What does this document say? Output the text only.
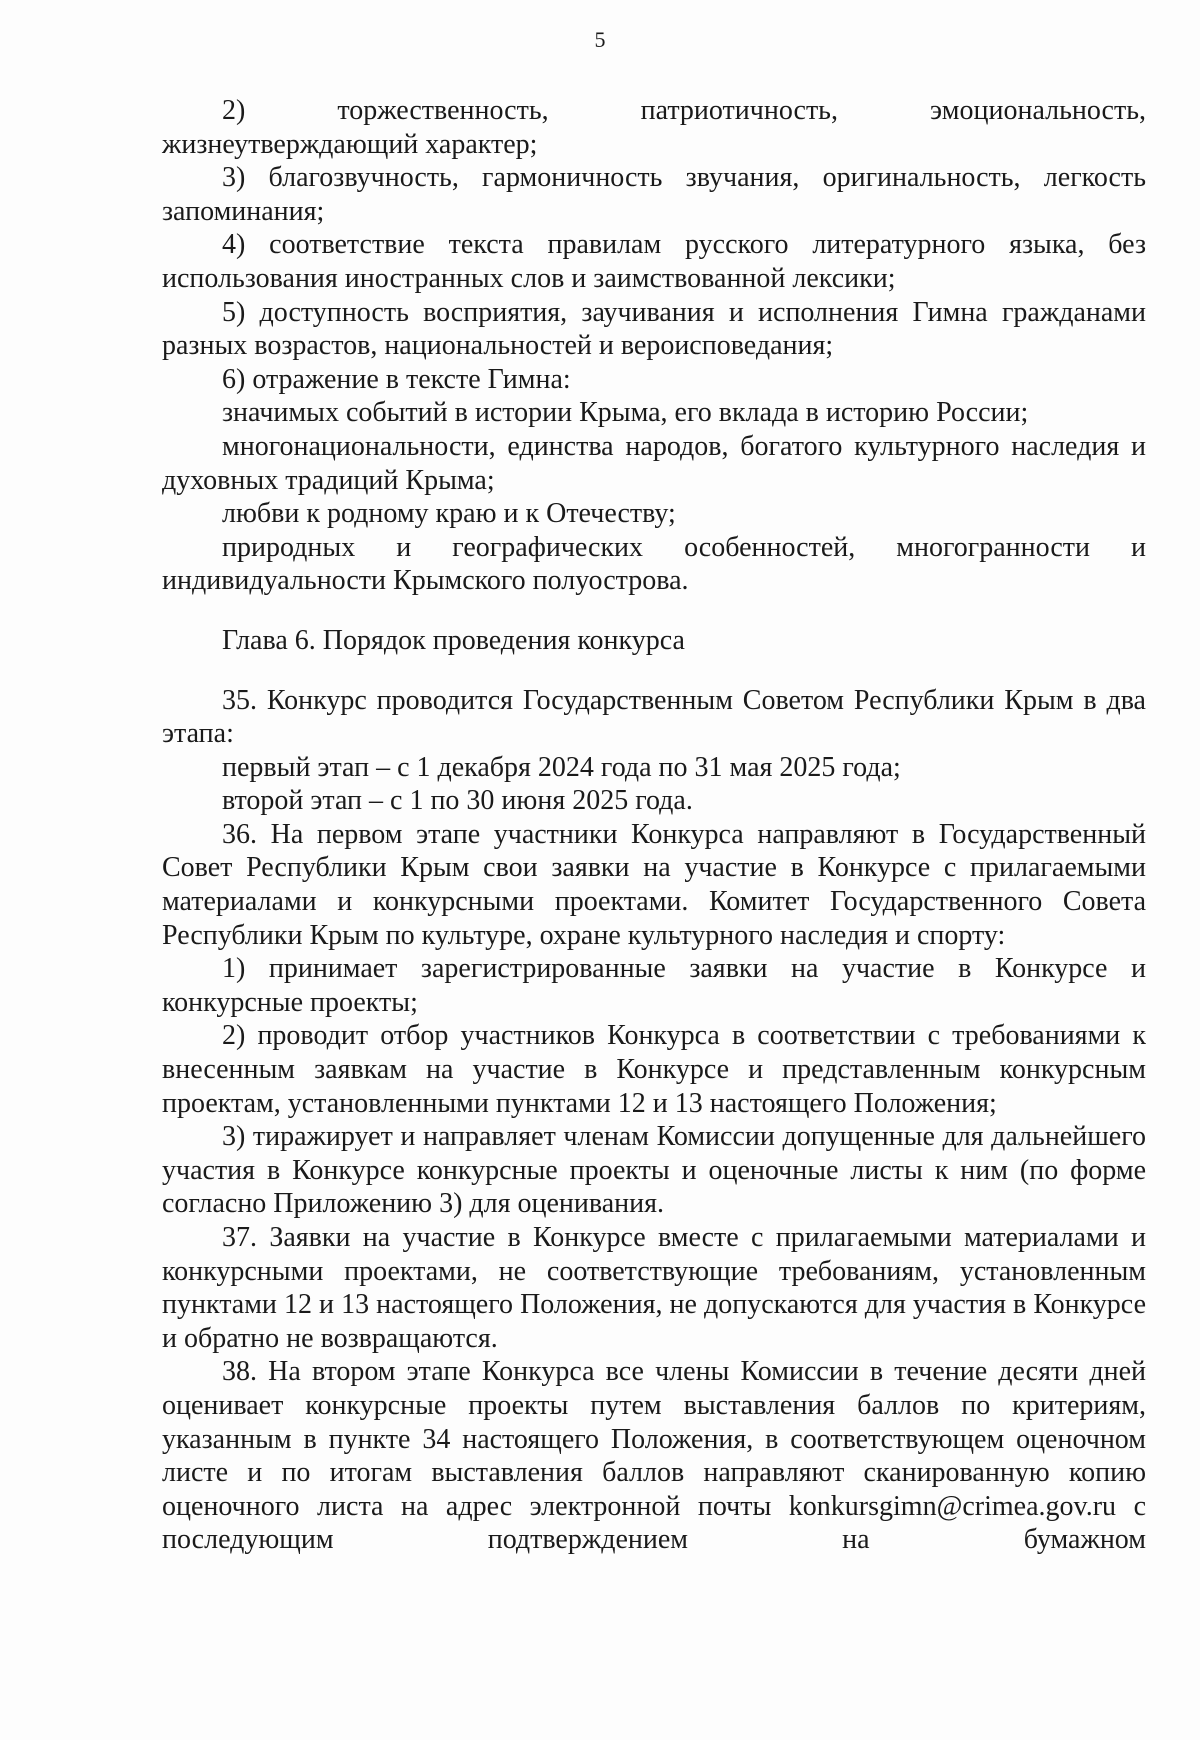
5

2) торжественность, патриотичность, эмоциональность, жизнеутверждающий характер;

3) благозвучность, гармоничность звучания, оригинальность, легкость запоминания;

4) соответствие текста правилам русского литературного языка, без использования иностранных слов и заимствованной лексики;

5) доступность восприятия, заучивания и исполнения Гимна гражданами разных возрастов, национальностей и вероисповедания;

6) отражение в тексте Гимна:

значимых событий в истории Крыма, его вклада в историю России;

многонациональности, единства народов, богатого культурного наследия и духовных традиций Крыма;

любви к родному краю и к Отечеству;

природных и географических особенностей, многогранности и индивидуальности Крымского полуострова.

Глава 6. Порядок проведения конкурса

35. Конкурс проводится Государственным Советом Республики Крым в два этапа:

первый этап – с 1 декабря 2024 года по 31 мая 2025 года;

второй этап – с 1 по 30 июня 2025 года.

36. На первом этапе участники Конкурса направляют в Государственный Совет Республики Крым свои заявки на участие в Конкурсе с прилагаемыми материалами и конкурсными проектами. Комитет Государственного Совета Республики Крым по культуре, охране культурного наследия и спорту:

1) принимает зарегистрированные заявки на участие в Конкурсе и конкурсные проекты;

2) проводит отбор участников Конкурса в соответствии с требованиями к внесенным заявкам на участие в Конкурсе и представленным конкурсным проектам, установленными пунктами 12 и 13 настоящего Положения;

3) тиражирует и направляет членам Комиссии допущенные для дальнейшего участия в Конкурсе конкурсные проекты и оценочные листы к ним (по форме согласно Приложению 3) для оценивания.

37. Заявки на участие в Конкурсе вместе с прилагаемыми материалами и конкурсными проектами, не соответствующие требованиям, установленным пунктами 12 и 13 настоящего Положения, не допускаются для участия в Конкурсе и обратно не возвращаются.

38. На втором этапе Конкурса все члены Комиссии в течение десяти дней оценивает конкурсные проекты путем выставления баллов по критериям, указанным в пункте 34 настоящего Положения, в соответствующем оценочном листе и по итогам выставления баллов направляют сканированную копию оценочного листа на адрес электронной почты konkursgimn@crimea.gov.ru с последующим подтверждением на бумажном
